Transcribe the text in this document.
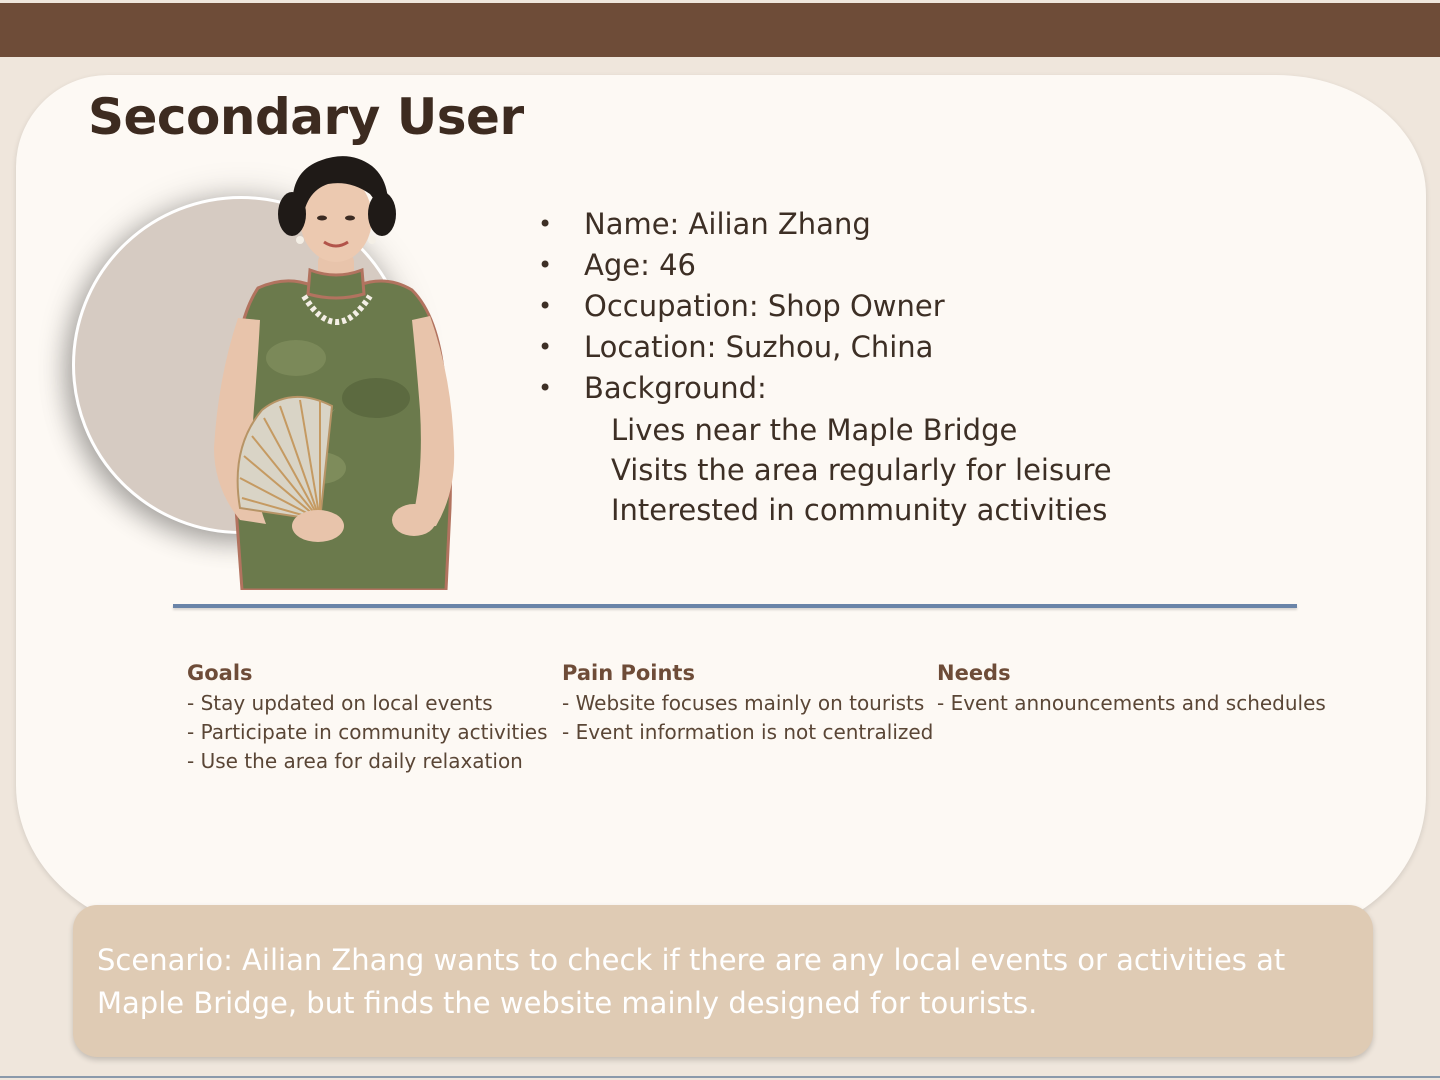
Secondary User
• Name: Ailian Zhang
• Age: 46
• Occupation: Shop Owner
• Location: Suzhou, China
• Background:
Lives near the Maple Bridge
Visits the area regularly for leisure
Interested in community activities
Goals
- Stay updated on local events
- Participate in community activities
- Use the area for daily relaxation
Pain Points
- Website focuses mainly on tourists
- Event information is not centralized
Needs
- Event announcements and schedules
Scenario: Ailian Zhang wants to check if there are any local events or activities at Maple Bridge, but finds the website mainly designed for tourists.
